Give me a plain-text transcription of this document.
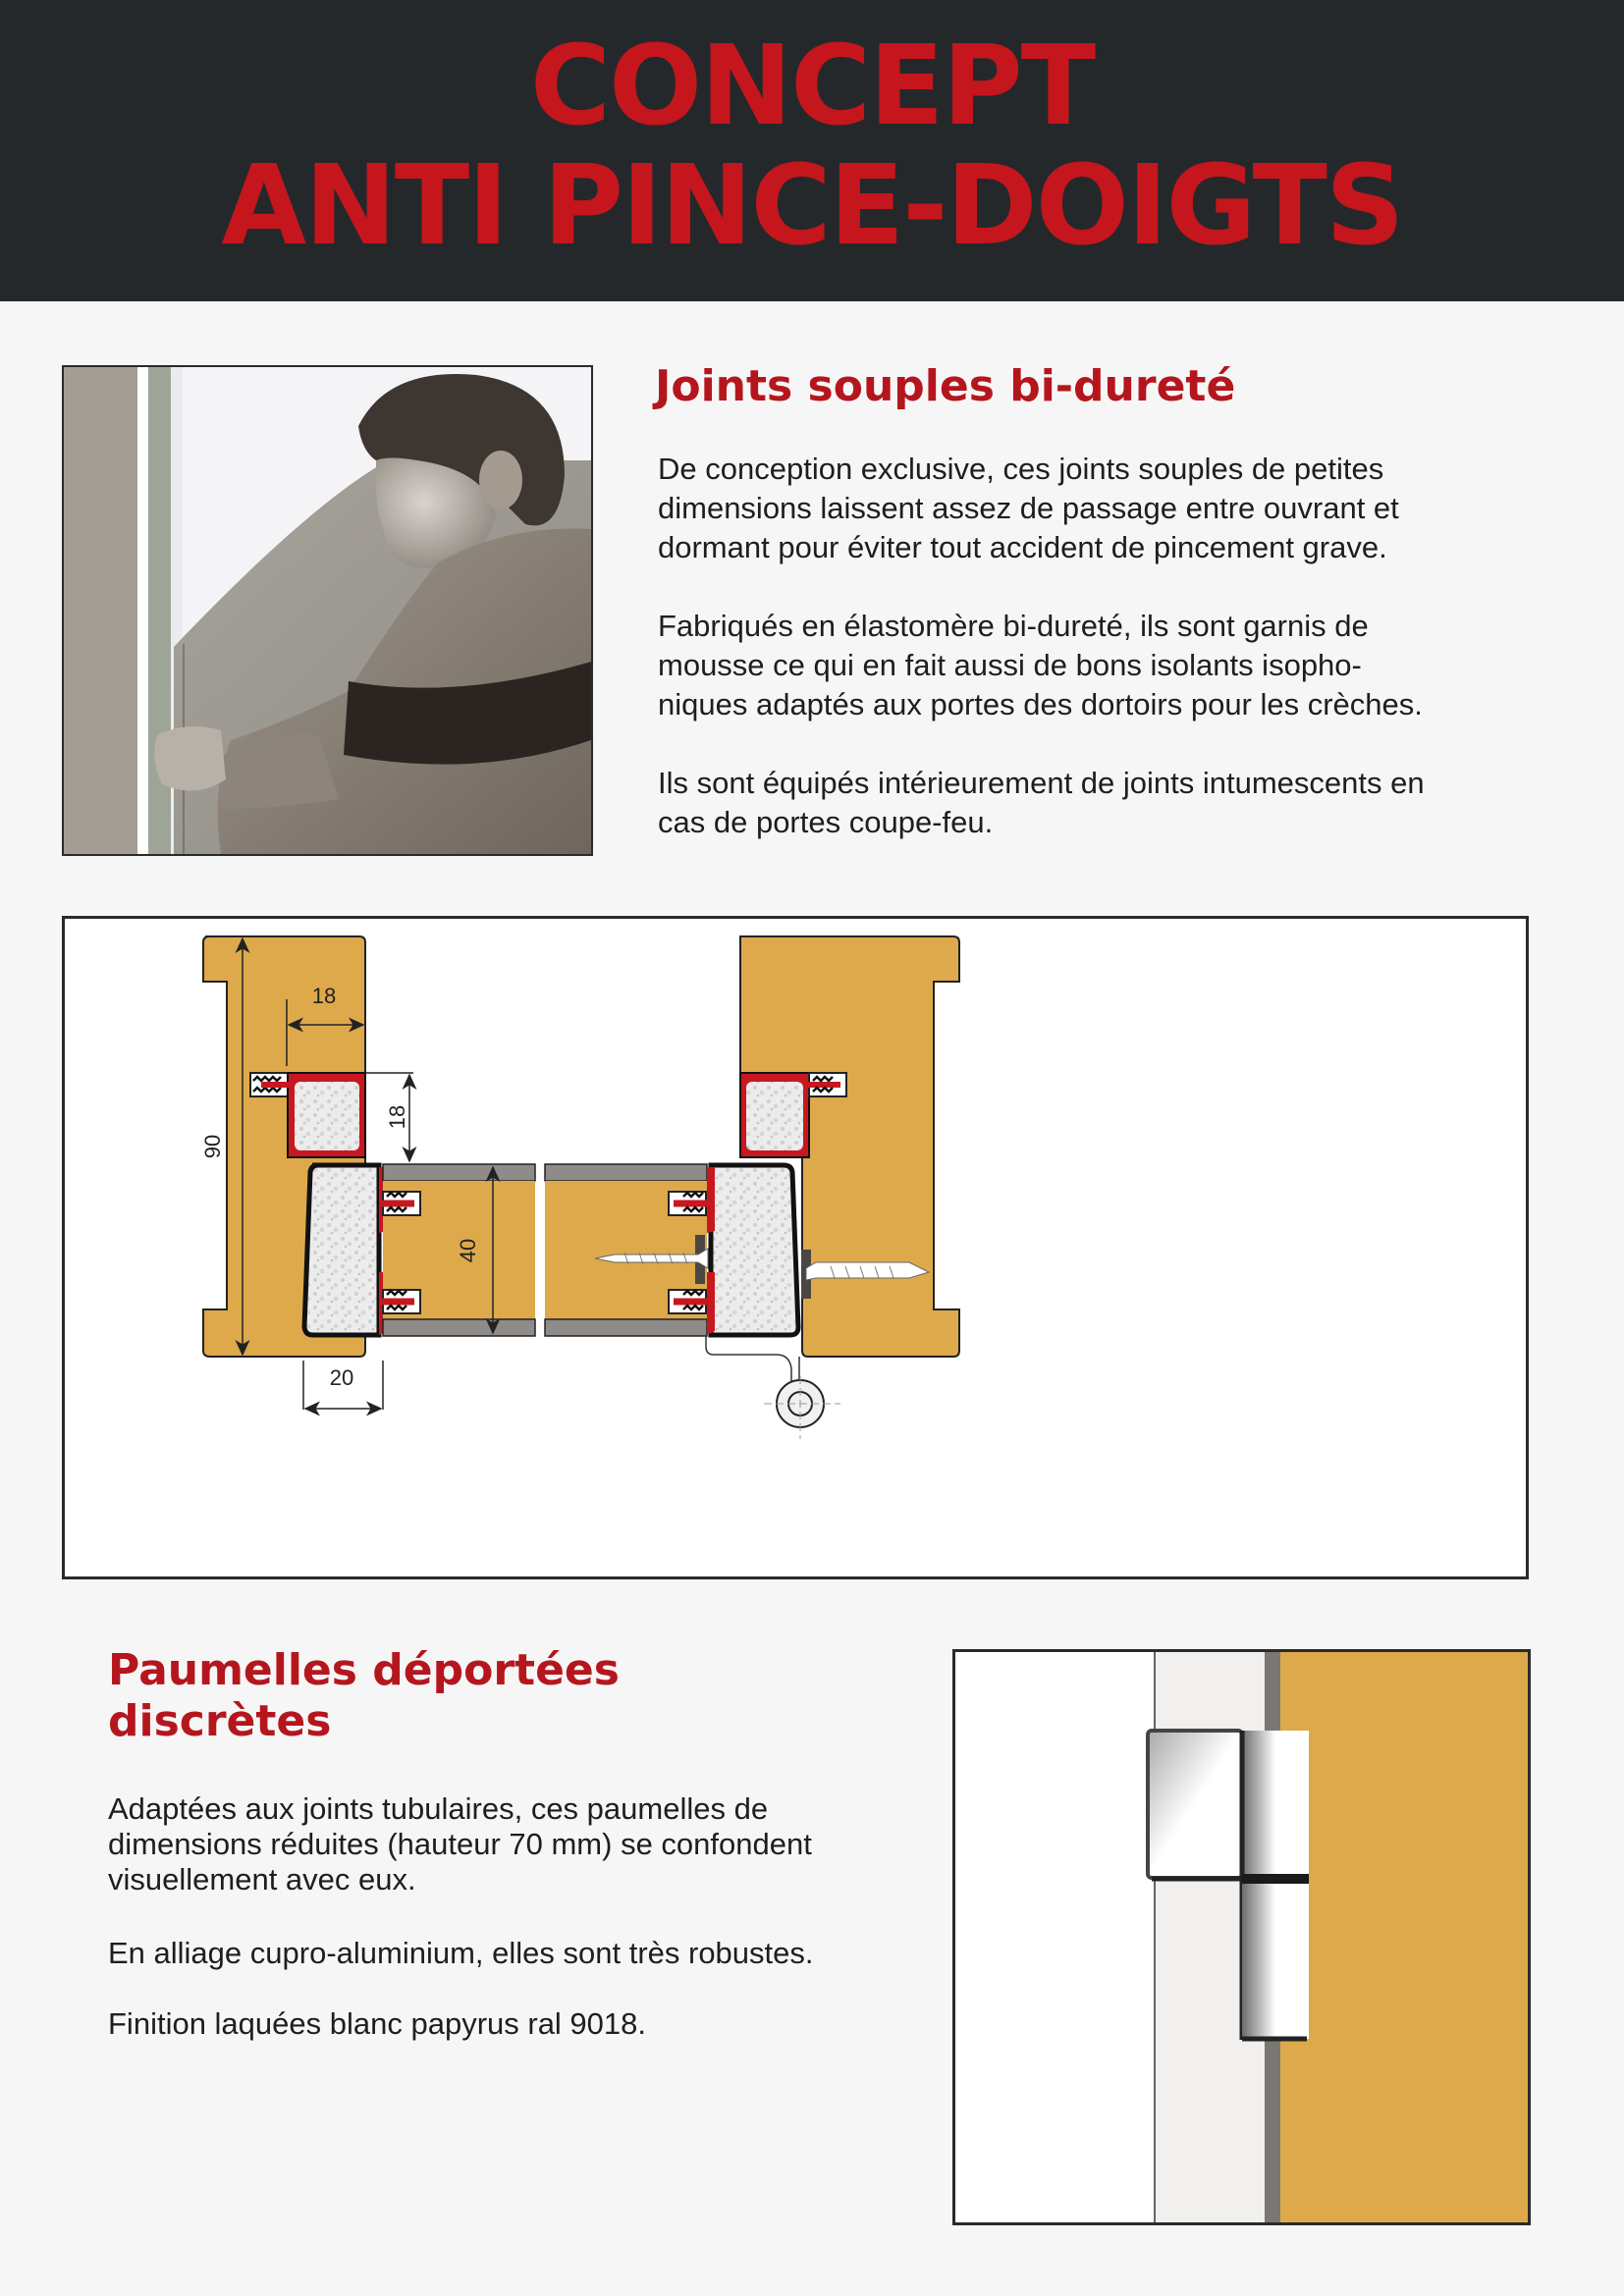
CONCEPT
ANTI PINCE-DOIGTS
Joints souples bi-dureté

De conception exclusive, ces joints souples de petites
dimensions laissent assez de passage entre ouvrant et
dormant pour éviter tout accident de pincement grave.

Fabriqués en élastomère bi-dureté, ils sont garnis de
mousse ce qui en fait aussi de bons isolants isopho-
niques adaptés aux portes des dortoirs pour les crèches.

Ils sont équipés intérieurement de joints intumescents en
cas de portes coupe-feu.

90
18
18
40
20
Paumelles déportées
discrètes

Adaptées aux joints tubulaires, ces paumelles de
dimensions réduites (hauteur 70 mm) se confondent
visuellement avec eux.

En alliage cupro-aluminium, elles sont très robustes.

Finition laquées blanc papyrus ral 9018.
